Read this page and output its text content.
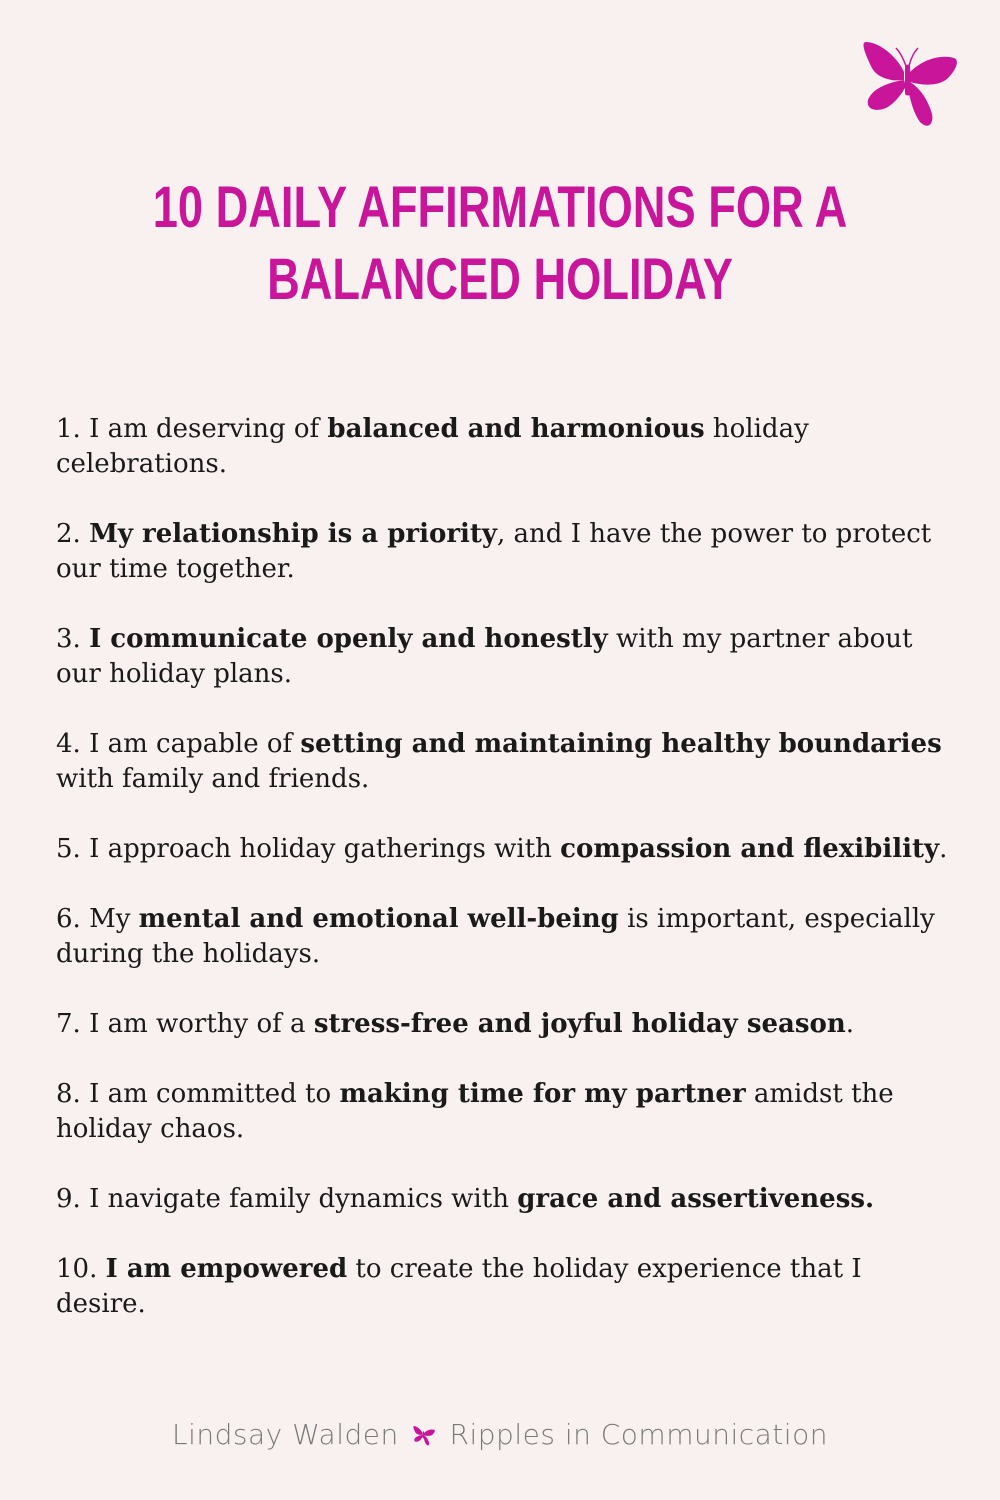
10 DAILY AFFIRMATIONS FOR A
BALANCED HOLIDAY

1. I am deserving of balanced and harmonious holiday celebrations.

2. My relationship is a priority, and I have the power to protect our time together.

3. I communicate openly and honestly with my partner about our holiday plans.

4. I am capable of setting and maintaining healthy boundaries with family and friends.

5. I approach holiday gatherings with compassion and flexibility.

6. My mental and emotional well-being is important, especially during the holidays.

7. I am worthy of a stress-free and joyful holiday season.

8. I am committed to making time for my partner amidst the holiday chaos.

9. I navigate family dynamics with grace and assertiveness.

10. I am empowered to create the holiday experience that I desire.

Lindsay Walden Ripples in Communication
